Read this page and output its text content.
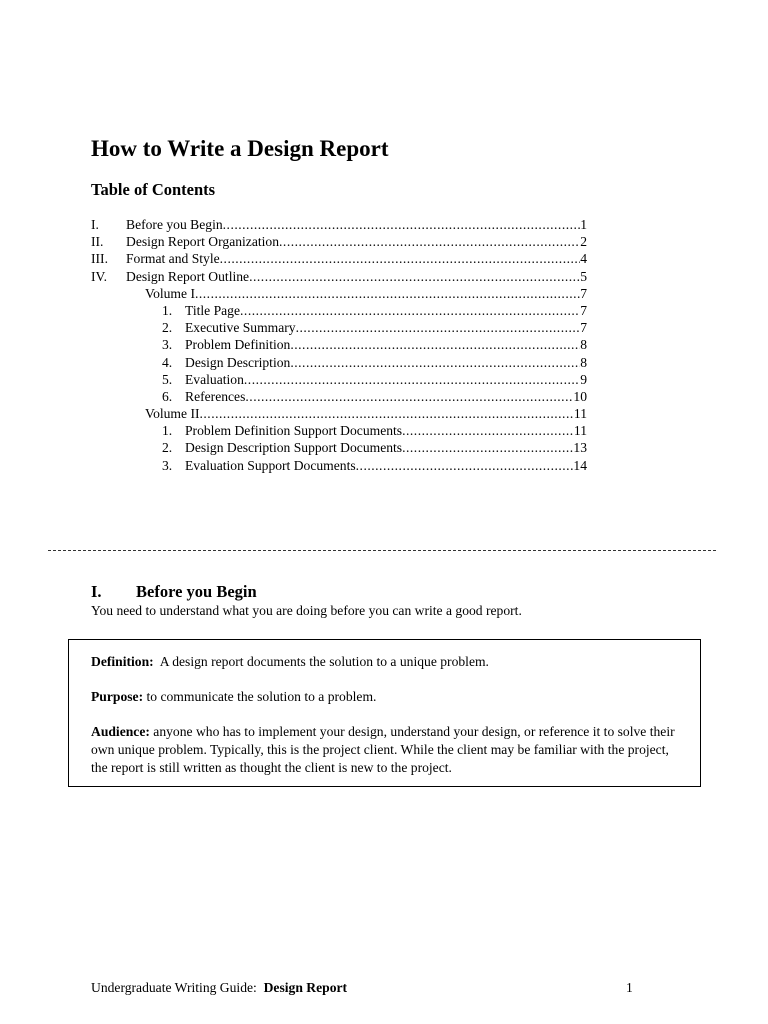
How to Write a Design Report
Table of Contents
I. Before you Begin .....	1
II. Design Report Organization .....	2
III. Format and Style .....	4
IV. Design Report Outline .....	5
Volume I .....	7
1. Title Page .....	7
2. Executive Summary .....	7
3. Problem Definition .....	8
4. Design Description .....	8
5. Evaluation .....	9
6. References .....	10
Volume II .....	11
1. Problem Definition Support Documents .....	11
2. Design Description Support Documents .....	13
3. Evaluation Support Documents .....	14
I. Before you Begin
You need to understand what you are doing before you can write a good report.
Definition:  A design report documents the solution to a unique problem.
Purpose: to communicate the solution to a problem.
Audience: anyone who has to implement your design, understand your design, or reference it to solve their own unique problem. Typically, this is the project client. While the client may be familiar with the project, the report is still written as thought the client is new to the project.
Undergraduate Writing Guide:  Design Report	1
